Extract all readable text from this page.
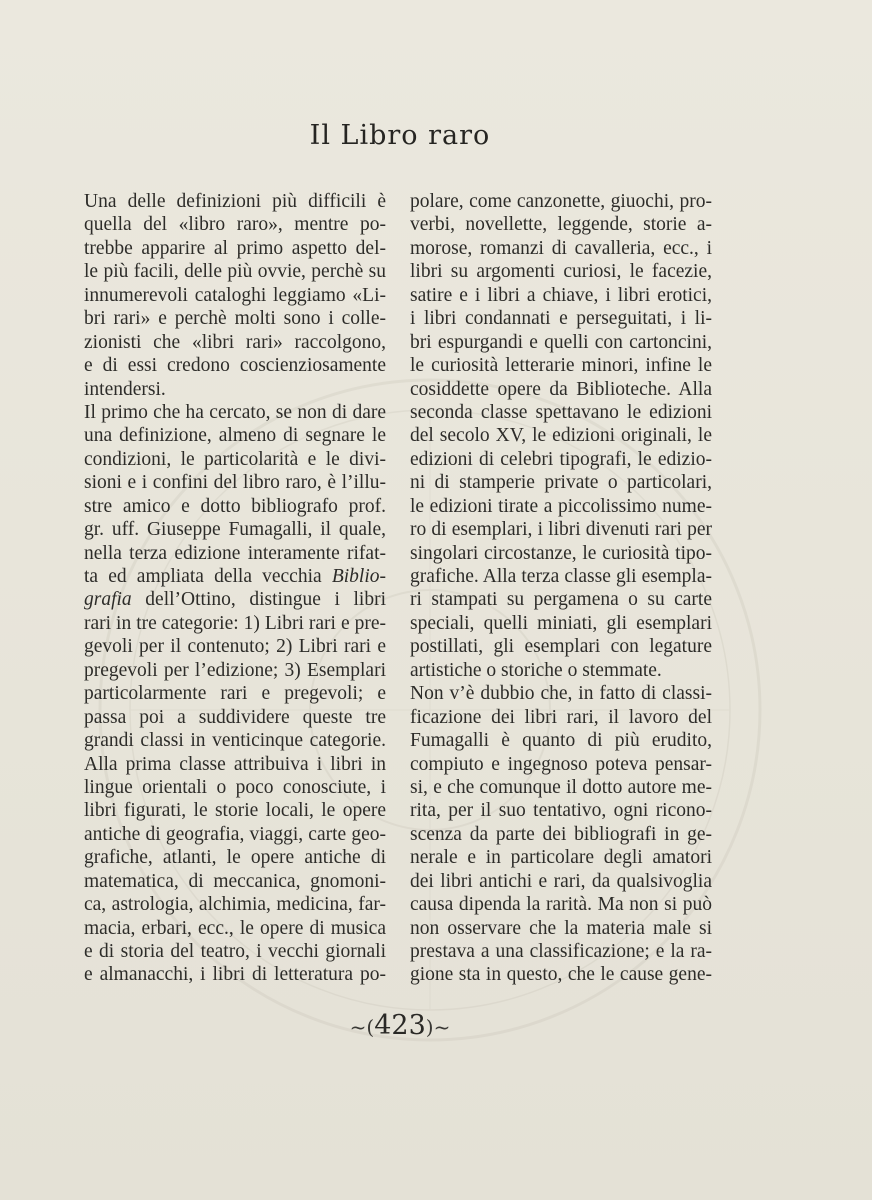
Il Libro raro
Una delle definizioni più difficili è
quella del «libro raro», mentre po-
trebbe apparire al primo aspetto del-
le più facili, delle più ovvie, perchè su
innumerevoli cataloghi leggiamo «Li-
bri rari» e perchè molti sono i colle-
zionisti che «libri rari» raccolgono,
e di essi credono coscienziosamente
intendersi.
Il primo che ha cercato, se non di dare
una definizione, almeno di segnare le
condizioni, le particolarità e le divi-
sioni e i confini del libro raro, è l’illu-
stre amico e dotto bibliografo prof.
gr. uff. Giuseppe Fumagalli, il quale,
nella terza edizione interamente rifat-
ta ed ampliata della vecchia Biblio-
grafia dell’Ottino, distingue i libri
rari in tre categorie: 1) Libri rari e pre-
gevoli per il contenuto; 2) Libri rari e
pregevoli per l’edizione; 3) Esemplari
particolarmente rari e pregevoli; e
passa poi a suddividere queste tre
grandi classi in venticinque categorie.
Alla prima classe attribuiva i libri in
lingue orientali o poco conosciute, i
libri figurati, le storie locali, le opere
antiche di geografia, viaggi, carte geo-
grafiche, atlanti, le opere antiche di
matematica, di meccanica, gnomoni-
ca, astrologia, alchimia, medicina, far-
macia, erbari, ecc., le opere di musica
e di storia del teatro, i vecchi giornali
e almanacchi, i libri di letteratura po-
polare, come canzonette, giuochi, pro-
verbi, novellette, leggende, storie a-
morose, romanzi di cavalleria, ecc., i
libri su argomenti curiosi, le facezie,
satire e i libri a chiave, i libri erotici,
i libri condannati e perseguitati, i li-
bri espurgandi e quelli con cartoncini,
le curiosità letterarie minori, infine le
cosiddette opere da Biblioteche. Alla
seconda classe spettavano le edizioni
del secolo XV, le edizioni originali, le
edizioni di celebri tipografi, le edizio-
ni di stamperie private o particolari,
le edizioni tirate a piccolissimo nume-
ro di esemplari, i libri divenuti rari per
singolari circostanze, le curiosità tipo-
grafiche. Alla terza classe gli esempla-
ri stampati su pergamena o su carte
speciali, quelli miniati, gli esemplari
postillati, gli esemplari con legature
artistiche o storiche o stemmate.
Non v’è dubbio che, in fatto di classi-
ficazione dei libri rari, il lavoro del
Fumagalli è quanto di più erudito,
compiuto e ingegnoso poteva pensar-
si, e che comunque il dotto autore me-
rita, per il suo tentativo, ogni ricono-
scenza da parte dei bibliografi in ge-
nerale e in particolare degli amatori
dei libri antichi e rari, da qualsivoglia
causa dipenda la rarità. Ma non si può
non osservare che la materia male si
prestava a una classificazione; e la ra-
gione sta in questo, che le cause gene-
~(423)~
